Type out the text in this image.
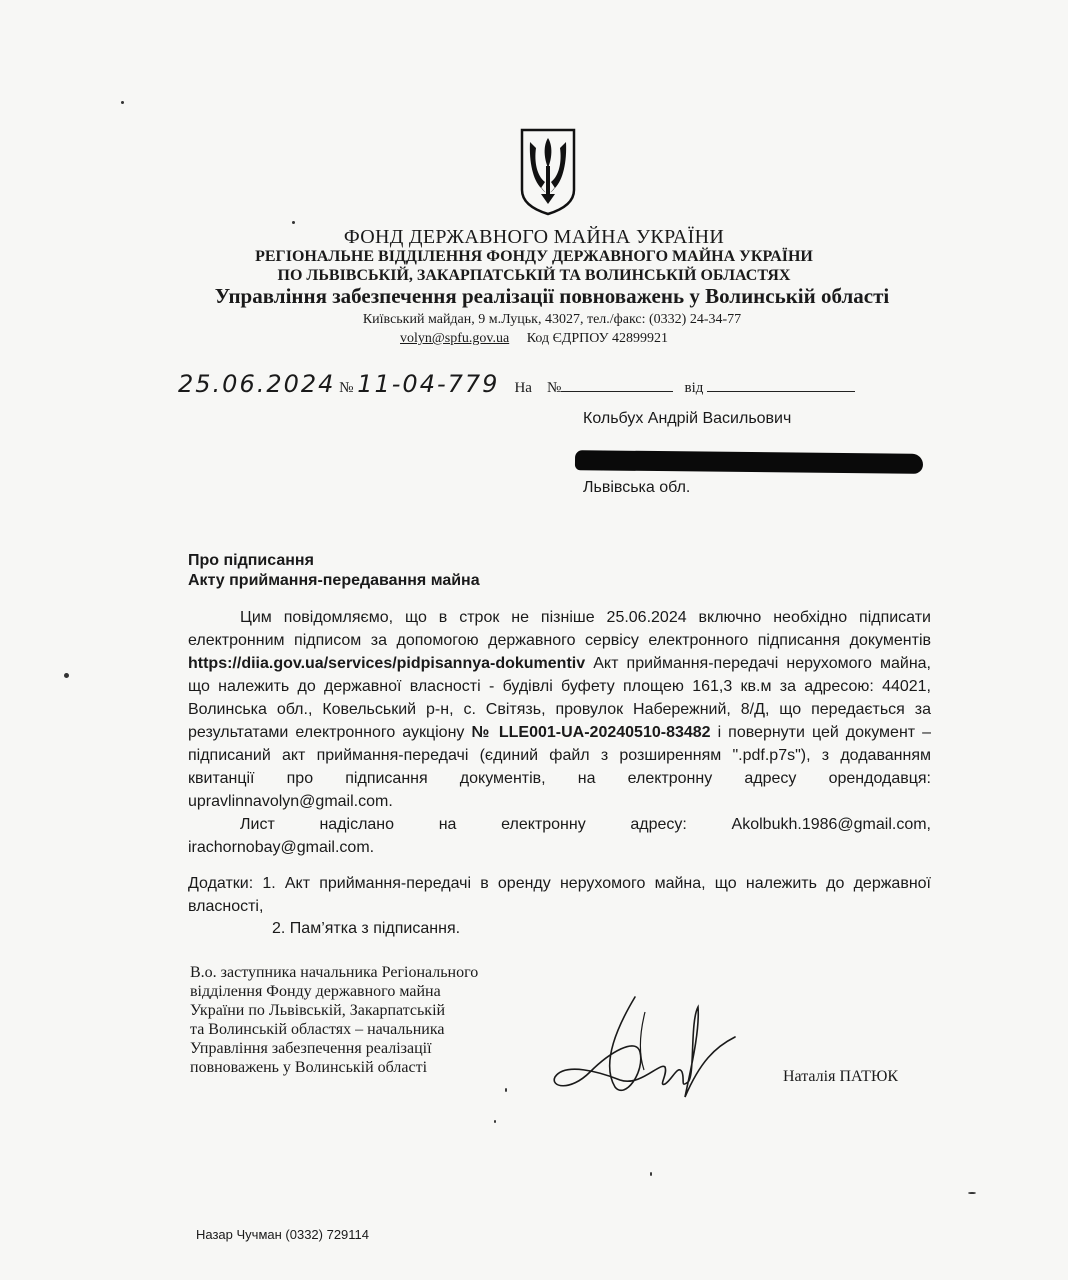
ФОНД ДЕРЖАВНОГО МАЙНА УКРАЇНИ
РЕГІОНАЛЬНЕ ВІДДІЛЕННЯ ФОНДУ ДЕРЖАВНОГО МАЙНА УКРАЇНИ
ПО ЛЬВІВСЬКІЙ, ЗАКАРПАТСЬКІЙ ТА ВОЛИНСЬКІЙ ОБЛАСТЯХ
Управління забезпечення реалізації повноважень у Волинській області
Київський майдан, 9 м.Луцьк, 43027, тел./факс: (0332) 24-34-77
volyn@spfu.gov.ua Код ЄДРПОУ 42899921
25.06.2024 № 11-04-779 На №	від
Кольбух Андрій Васильович
Львівська обл.
Про підписання
Акту приймання-передавання майна

Цим повідомляємо, що в строк не пізніше 25.06.2024 включно необхідно підписати електронним підписом за допомогою державного сервісу електронного підписання документів https://diia.gov.ua/services/pidpisannya-dokumentiv Акт приймання-передачі нерухомого майна, що належить до державної власності - будівлі буфету площею 161,3 кв.м за адресою: 44021, Волинська обл., Ковельський р-н, с. Світязь, провулок Набережний, 8/Д, що передається за результатами електронного аукціону № LLE001-UA-20240510-83482 і повернути цей документ – підписаний акт приймання-передачі (єдиний файл з розширенням ".pdf.p7s"), з додаванням квитанції про підписання документів, на електронну адресу орендодавця: upravlinnavolyn@gmail.com.

Лист надіслано на електронну адресу: Akolbukh.1986@gmail.com,

irachornobay@gmail.com.

Додатки: 1. Акт приймання-передачі в оренду нерухомого майна, що належить до державної власності,
2. Пам’ятка з підписання.
В.о. заступника начальника Регіонального
відділення Фонду державного майна
України по Львівській, Закарпатській
та Волинській областях – начальника
Управління забезпечення реалізації
повноважень у Волинській області
Наталія ПАТЮК
Назар Чучман (0332) 729114
